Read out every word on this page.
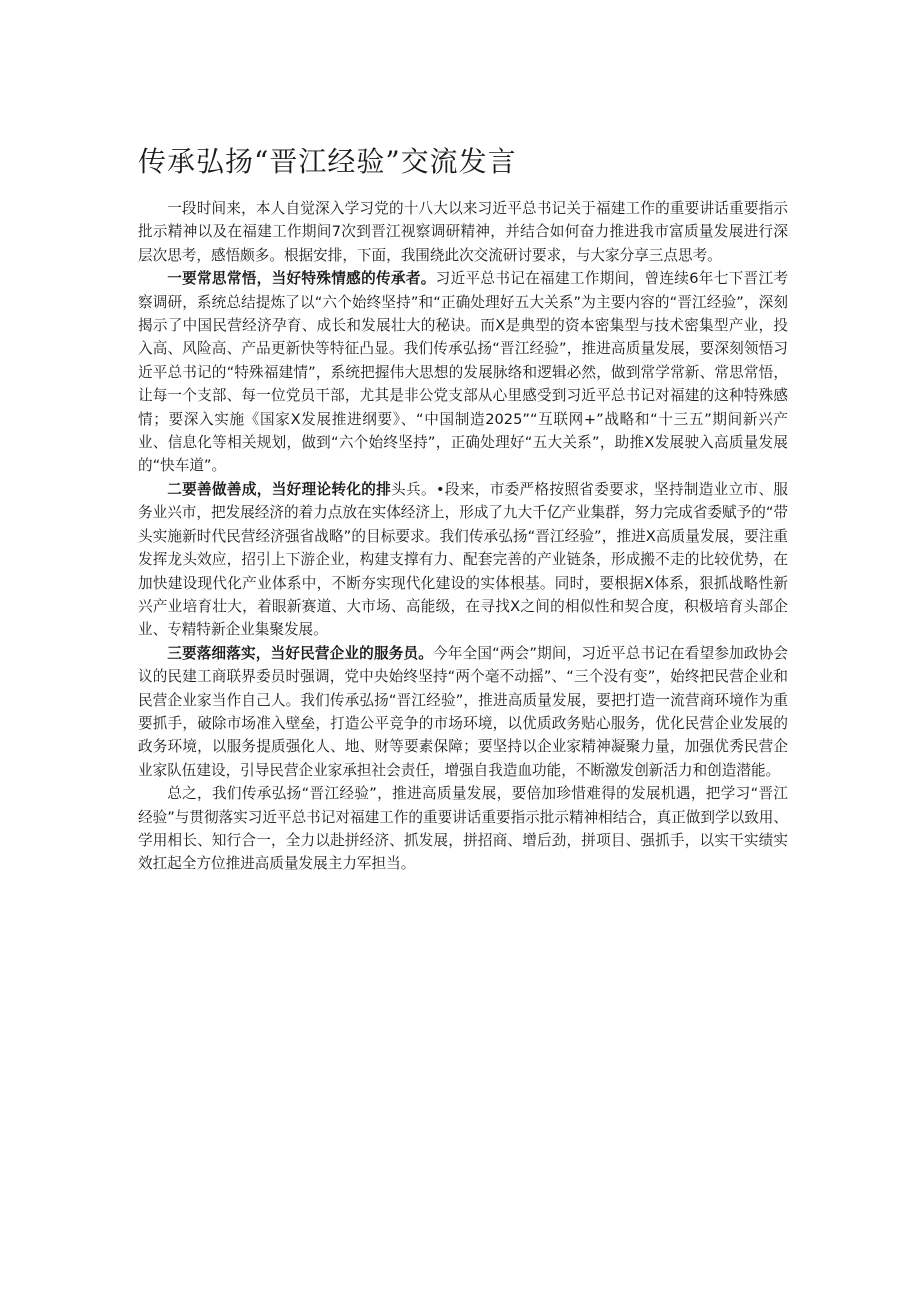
传承弘扬“晋江经验”交流发言

一段时间来，本人自觉深入学习党的十八大以来习近平总书记关于福建工作的重要讲话重要指示批示精神以及在福建工作期间7次到晋江视察调研精神，并结合如何奋力推进我市富质量发展进行深层次思考，感悟颇多。根据安排，下面，我围绕此次交流研讨要求，与大家分享三点思考。

一要常思常悟，当好特殊情感的传承者。习近平总书记在福建工作期间，曾连续6年七下晋江考察调研，系统总结提炼了以“六个始终坚持”和“正确处理好五大关系”为主要内容的“晋江经验”，深刻揭示了中国民营经济孕育、成长和发展壮大的秘诀。而X是典型的资本密集型与技术密集型产业，投入高、风险高、产品更新快等特征凸显。我们传承弘扬“晋江经验”，推进高质量发展，要深刻领悟习近平总书记的“特殊福建情”，系统把握伟大思想的发展脉络和逻辑必然，做到常学常新、常思常悟，让每一个支部、每一位党员干部，尤其是非公党支部从心里感受到习近平总书记对福建的这种特殊感情；要深入实施《国家X发展推进纲要》、“中国制造2025”“互联网+”战略和“十三五”期间新兴产业、信息化等相关规划，做到“六个始终坚持”，正确处理好“五大关系”，助推X发展驶入高质量发展的“快车道”。

二要善做善成，当好理论转化的排头兵。•段来，市委严格按照省委要求，坚持制造业立市、服务业兴市，把发展经济的着力点放在实体经济上，形成了九大千亿产业集群，努力完成省委赋予的“带头实施新时代民营经济强省战略”的目标要求。我们传承弘扬“晋江经验”，推进X高质量发展，要注重发挥龙头效应，招引上下游企业，构建支撑有力、配套完善的产业链条，形成搬不走的比较优势，在加快建设现代化产业体系中，不断夯实现代化建设的实体根基。同时，要根据X体系，狠抓战略性新兴产业培育壮大，着眼新赛道、大市场、高能级，在寻找X之间的相似性和契合度，积极培育头部企业、专精特新企业集聚发展。

三要落细落实，当好民营企业的服务员。今年全国“两会”期间，习近平总书记在看望参加政协会议的民建工商联界委员时强调，党中央始终坚持“两个毫不动摇”、“三个没有变”，始终把民营企业和民营企业家当作自己人。我们传承弘扬“晋江经验”，推进高质量发展，要把打造一流营商环境作为重要抓手，破除市场准入壁垒，打造公平竞争的市场环境，以优质政务贴心服务，优化民营企业发展的政务环境，以服务提质强化人、地、财等要素保障；要坚持以企业家精神凝聚力量，加强优秀民营企业家队伍建设，引导民营企业家承担社会责任，增强自我造血功能，不断激发创新活力和创造潜能。

总之，我们传承弘扬“晋江经验”，推进高质量发展，要倍加珍惜难得的发展机遇，把学习“晋江经验”与贯彻落实习近平总书记对福建工作的重要讲话重要指示批示精神相结合，真正做到学以致用、学用相长、知行合一，全力以赴拼经济、抓发展，拼招商、增后劲，拼项目、强抓手，以实干实绩实效扛起全方位推进高质量发展主力军担当。
